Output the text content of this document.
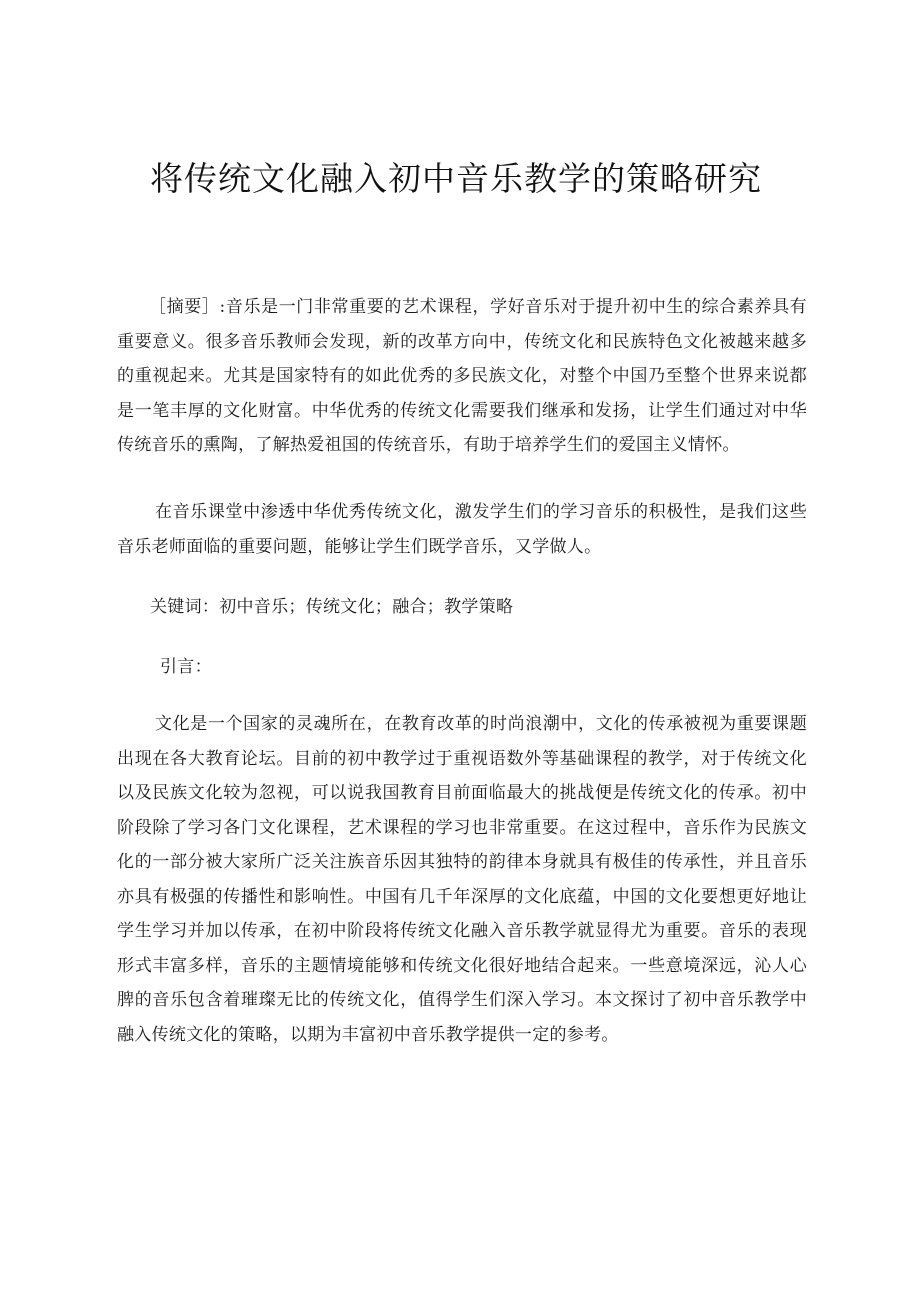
将传统文化融入初中音乐教学的策略研究

［摘要］:音乐是一门非常重要的艺术课程，学好音乐对于提升初中生的综合素养具有重要意义。很多音乐教师会发现，新的改革方向中，传统文化和民族特色文化被越来越多的重视起来。尤其是国家特有的如此优秀的多民族文化，对整个中国乃至整个世界来说都是一笔丰厚的文化财富。中华优秀的传统文化需要我们继承和发扬，让学生们通过对中华传统音乐的熏陶，了解热爱祖国的传统音乐，有助于培养学生们的爱国主义情怀。

在音乐课堂中渗透中华优秀传统文化，激发学生们的学习音乐的积极性，是我们这些音乐老师面临的重要问题，能够让学生们既学音乐，又学做人。

关键词：初中音乐；传统文化；融合；教学策略

引言：

文化是一个国家的灵魂所在，在教育改革的时尚浪潮中，文化的传承被视为重要课题出现在各大教育论坛。目前的初中教学过于重视语数外等基础课程的教学，对于传统文化以及民族文化较为忽视，可以说我国教育目前面临最大的挑战便是传统文化的传承。初中阶段除了学习各门文化课程，艺术课程的学习也非常重要。在这过程中，音乐作为民族文化的一部分被大家所广泛关注族音乐因其独特的韵律本身就具有极佳的传承性，并且音乐亦具有极强的传播性和影响性。中国有几千年深厚的文化底蕴，中国的文化要想更好地让学生学习并加以传承，在初中阶段将传统文化融入音乐教学就显得尤为重要。音乐的表现形式丰富多样，音乐的主题情境能够和传统文化很好地结合起来。一些意境深远，沁人心脾的音乐包含着璀璨无比的传统文化，值得学生们深入学习。本文探讨了初中音乐教学中融入传统文化的策略，以期为丰富初中音乐教学提供一定的参考。
